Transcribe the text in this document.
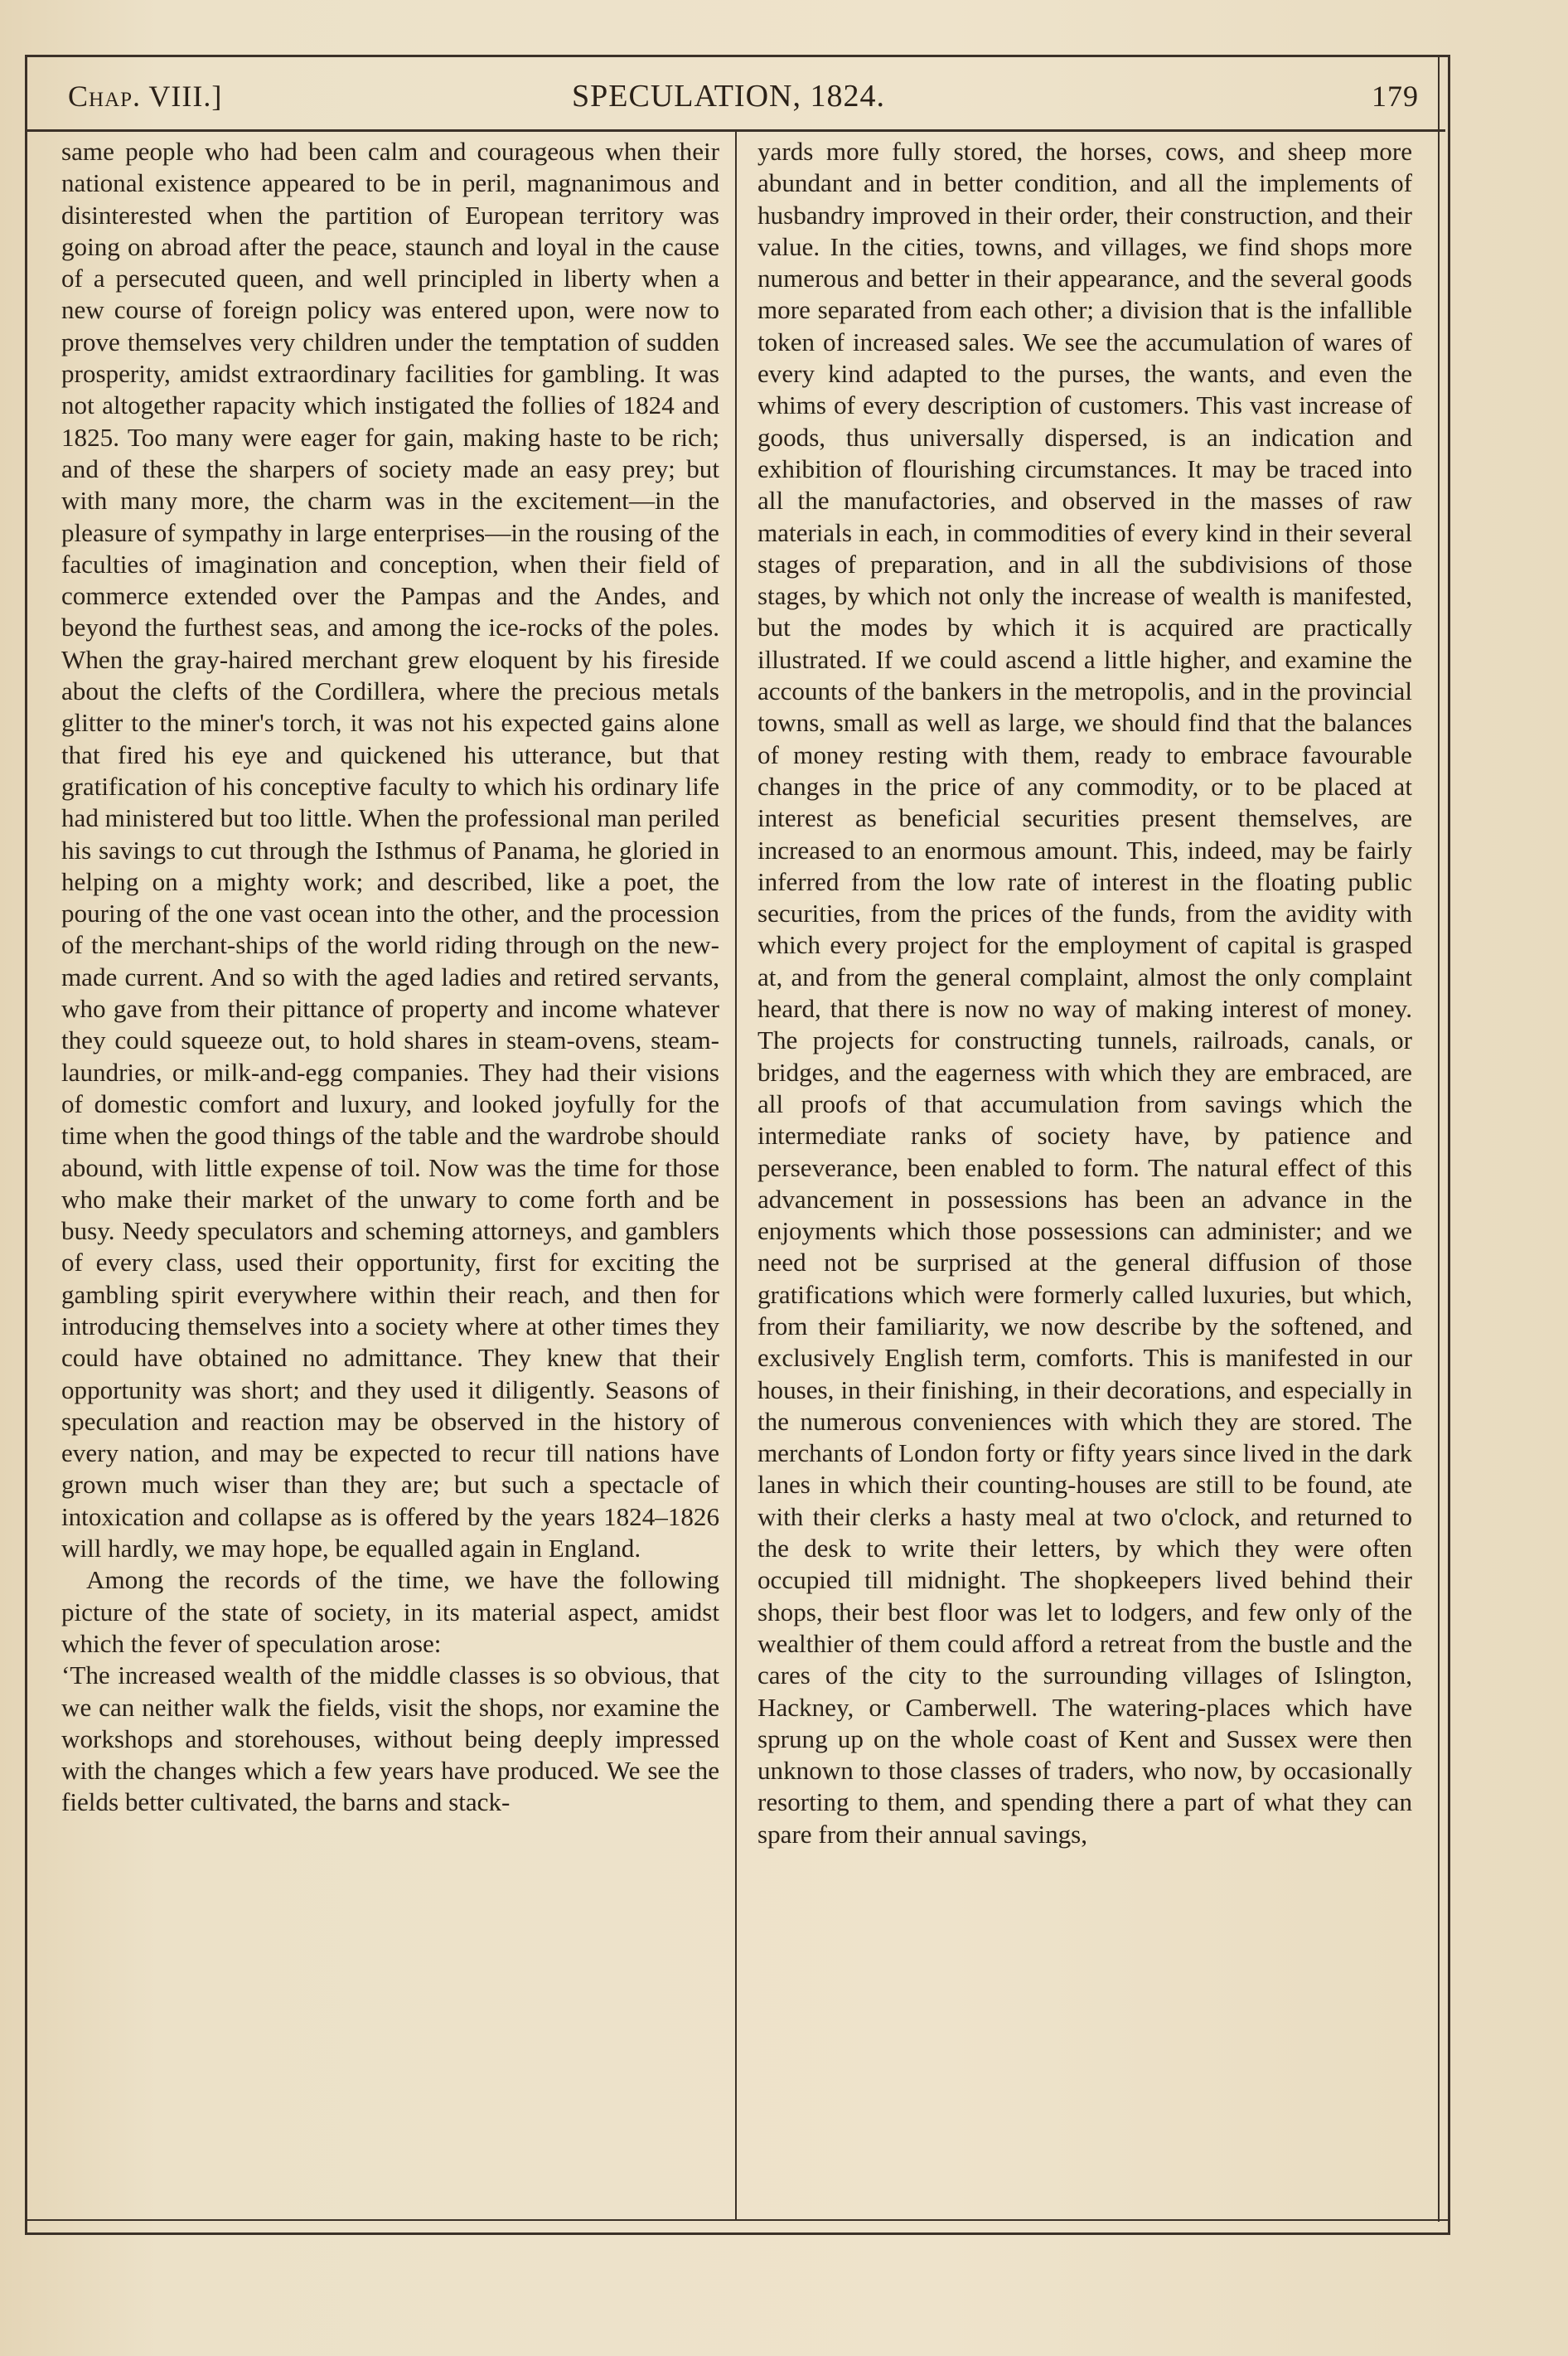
Chap. VIII.]	SPECULATION, 1824.	179

same people who had been calm and courageous when their national existence appeared to be in peril, magnanimous and disinterested when the partition of European territory was going on abroad after the peace, staunch and loyal in the cause of a persecuted queen, and well principled in liberty when a new course of foreign policy was entered upon, were now to prove themselves very children under the temptation of sudden prosperity, amidst extraordinary facilities for gambling. It was not altogether rapacity which instigated the follies of 1824 and 1825. Too many were eager for gain, making haste to be rich; and of these the sharpers of society made an easy prey; but with many more, the charm was in the excitement—in the pleasure of sympathy in large enterprises—in the rousing of the faculties of imagination and conception, when their field of commerce extended over the Pampas and the Andes, and beyond the furthest seas, and among the ice-rocks of the poles. When the gray-haired merchant grew eloquent by his fireside about the clefts of the Cordillera, where the precious metals glitter to the miner's torch, it was not his expected gains alone that fired his eye and quickened his utterance, but that gratification of his conceptive faculty to which his ordinary life had ministered but too little. When the professional man periled his savings to cut through the Isthmus of Panama, he gloried in helping on a mighty work; and described, like a poet, the pouring of the one vast ocean into the other, and the procession of the merchant-ships of the world riding through on the new-made current. And so with the aged ladies and retired servants, who gave from their pittance of property and income whatever they could squeeze out, to hold shares in steam-ovens, steam-laundries, or milk-and-egg companies. They had their visions of domestic comfort and luxury, and looked joyfully for the time when the good things of the table and the wardrobe should abound, with little expense of toil. Now was the time for those who make their market of the unwary to come forth and be busy. Needy speculators and scheming attorneys, and gamblers of every class, used their opportunity, first for exciting the gambling spirit everywhere within their reach, and then for introducing themselves into a society where at other times they could have obtained no admittance. They knew that their opportunity was short; and they used it diligently. Seasons of speculation and reaction may be observed in the history of every nation, and may be expected to recur till nations have grown much wiser than they are; but such a spectacle of intoxication and collapse as is offered by the years 1824–1826 will hardly, we may hope, be equalled again in England.

Among the records of the time, we have the following picture of the state of society, in its material aspect, amidst which the fever of speculation arose:

‘The increased wealth of the middle classes is so obvious, that we can neither walk the fields, visit the shops, nor examine the workshops and storehouses, without being deeply impressed with the changes which a few years have produced. We see the fields better cultivated, the barns and stack-

yards more fully stored, the horses, cows, and sheep more abundant and in better condition, and all the implements of husbandry improved in their order, their construction, and their value. In the cities, towns, and villages, we find shops more numerous and better in their appearance, and the several goods more separated from each other; a division that is the infallible token of increased sales. We see the accumulation of wares of every kind adapted to the purses, the wants, and even the whims of every description of customers. This vast increase of goods, thus universally dispersed, is an indication and exhibition of flourishing circumstances. It may be traced into all the manufactories, and observed in the masses of raw materials in each, in commodities of every kind in their several stages of preparation, and in all the subdivisions of those stages, by which not only the increase of wealth is manifested, but the modes by which it is acquired are practically illustrated. If we could ascend a little higher, and examine the accounts of the bankers in the metropolis, and in the provincial towns, small as well as large, we should find that the balances of money resting with them, ready to embrace favourable changes in the price of any commodity, or to be placed at interest as beneficial securities present themselves, are increased to an enormous amount. This, indeed, may be fairly inferred from the low rate of interest in the floating public securities, from the prices of the funds, from the avidity with which every project for the employment of capital is grasped at, and from the general complaint, almost the only complaint heard, that there is now no way of making interest of money. The projects for constructing tunnels, railroads, canals, or bridges, and the eagerness with which they are embraced, are all proofs of that accumulation from savings which the intermediate ranks of society have, by patience and perseverance, been enabled to form. The natural effect of this advancement in possessions has been an advance in the enjoyments which those possessions can administer; and we need not be surprised at the general diffusion of those gratifications which were formerly called luxuries, but which, from their familiarity, we now describe by the softened, and exclusively English term, comforts. This is manifested in our houses, in their finishing, in their decorations, and especially in the numerous conveniences with which they are stored. The merchants of London forty or fifty years since lived in the dark lanes in which their counting-houses are still to be found, ate with their clerks a hasty meal at two o'clock, and returned to the desk to write their letters, by which they were often occupied till midnight. The shopkeepers lived behind their shops, their best floor was let to lodgers, and few only of the wealthier of them could afford a retreat from the bustle and the cares of the city to the surrounding villages of Islington, Hackney, or Camberwell. The watering-places which have sprung up on the whole coast of Kent and Sussex were then unknown to those classes of traders, who now, by occasionally resorting to them, and spending there a part of what they can spare from their annual savings,
